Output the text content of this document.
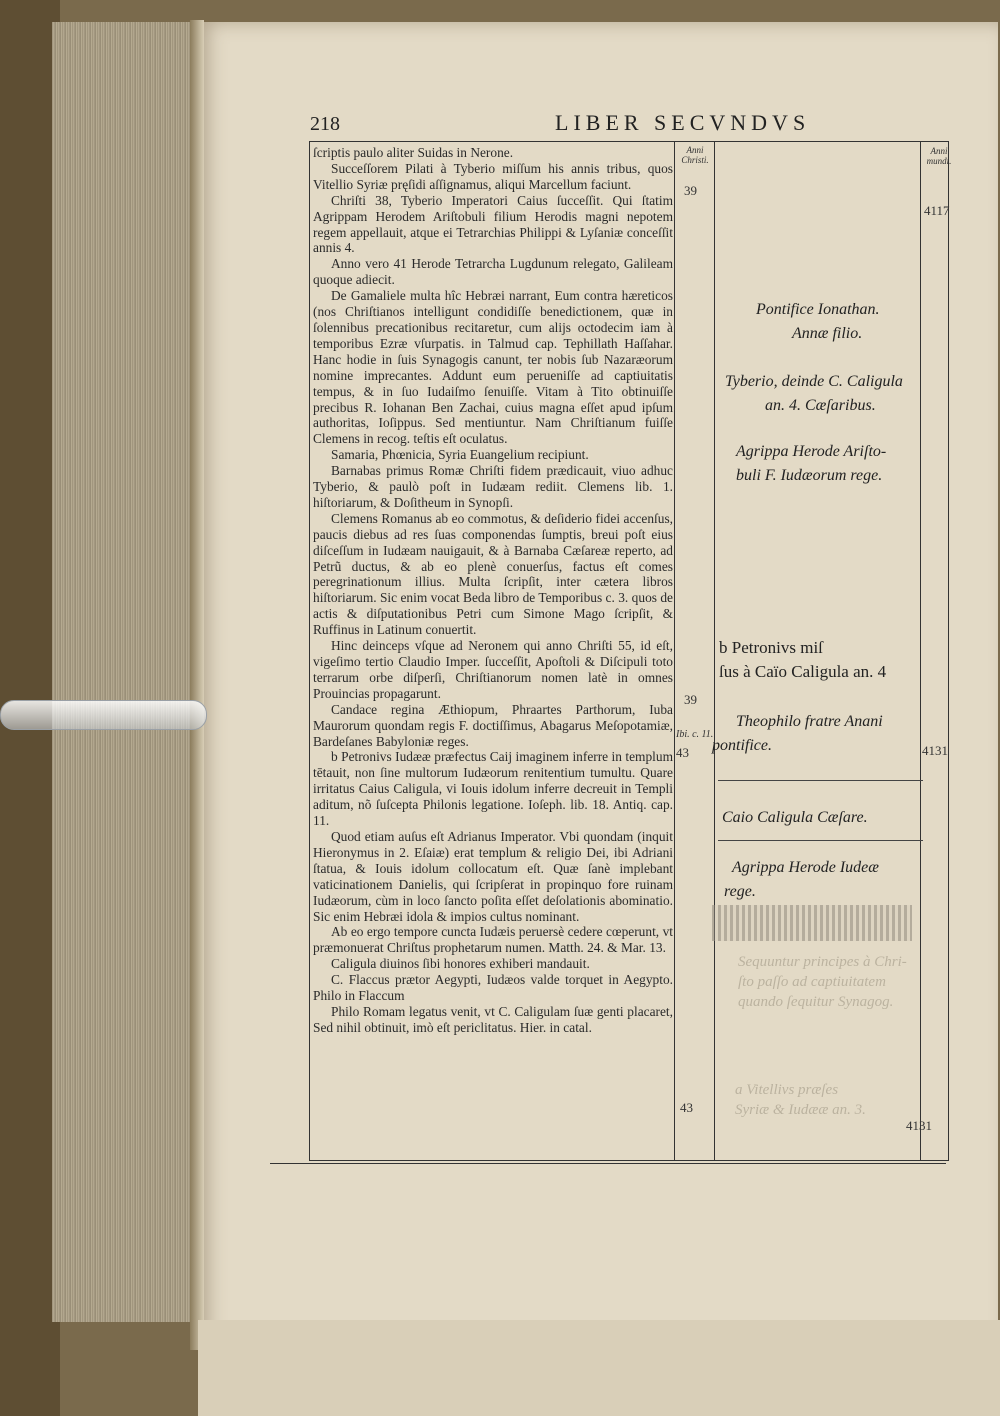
218	LIBER SECVNDVS
Sequuntur principes à Chri-
ſto paſſo ad captiuitatem
quando ſequitur Synagog.
a Vitellivs præſes
Syriæ & Iudææ an. 3.

ſcriptis paulo aliter Suidas in Nerone.

Succeſſorem Pilati à Tyberio miſſum his annis tribus, quos Vitellio Syriæ pręſidi aſſignamus, aliqui Marcellum faciunt.

Chriſti 38, Tyberio Imperatori Caius ſucceſſit. Qui ſtatim Agrippam Herodem Ariſtobuli filium Herodis magni nepotem regem appellauit, atque ei Tetrarchias Philippi & Lyſaniæ conceſſit annis 4.

Anno vero 41 Herode Tetrarcha Lugdunum relegato, Galileam quoque adiecit.

De Gamaliele multa hîc Hebræi narrant, Eum contra hæreticos (nos Chriſtianos intelligunt condidiſſe benedictionem, quæ in ſolennibus precationibus recitaretur, cum alijs octodecim iam à temporibus Ezræ vſurpatis. in Talmud cap. Tephillath Haſſahar. Hanc hodie in ſuis Synagogis canunt, ter nobis ſub Nazaræorum nomine imprecantes. Addunt eum perueniſſe ad captiuitatis tempus, & in ſuo Iudaiſmo ſenuiſſe. Vitam à Tito obtinuiſſe precibus R. Iohanan Ben Zachai, cuius magna eſſet apud ipſum authoritas, Ioſippus. Sed mentiuntur. Nam Chriſtianum fuiſſe Clemens in recog. teſtis eſt oculatus.

Samaria, Phœnicia, Syria Euangelium recipiunt.

Barnabas primus Romæ Chriſti fidem prædicauit, viuo adhuc Tyberio, & paulò poſt in Iudæam rediit. Clemens lib. 1. hiſtoriarum, & Doſitheum in Synopſi.

Clemens Romanus ab eo commotus, & deſiderio fidei accenſus, paucis diebus ad res ſuas componendas ſumptis, breui poſt eius diſceſſum in Iudæam nauigauit, & à Barnaba Cæſareæ reperto, ad Petrũ ductus, & ab eo plenè conuerſus, factus eſt comes peregrinationum illius. Multa ſcripſit, inter cætera libros hiſtoriarum. Sic enim vocat Beda libro de Temporibus c. 3. quos de actis & diſputationibus Petri cum Simone Mago ſcripſit, & Ruffinus in Latinum conuertit.

Hinc deinceps vſque ad Neronem qui anno Chriſti 55, id eſt, vigeſimo tertio Claudio Imper. ſucceſſit, Apoſtoli & Diſcipuli toto terrarum orbe diſperſi, Chriſtianorum nomen latè in omnes Prouincias propagarunt.

Candace regina Æthiopum, Phraartes Parthorum, Iuba Maurorum quondam regis F. doctiſſimus, Abagarus Meſopotamiæ, Bardeſanes Babyloniæ reges.

b Petronivs Iudææ præfectus Caij imaginem inferre in templum tētauit, non ſine multorum Iudæorum renitentium tumultu. Quare irritatus Caius Caligula, vi Iouis idolum inferre decreuit in Templi aditum, nõ ſuſcepta Philonis legatione. Ioſeph. lib. 18. Antiq. cap. 11.

Quod etiam auſus eſt Adrianus Imperator. Vbi quondam (inquit Hieronymus in 2. Eſaiæ) erat templum & religio Dei, ibi Adriani ſtatua, & Iouis idolum collocatum eſt. Quæ ſanè implebant vaticinationem Danielis, qui ſcripſerat in propinquo fore ruinam Iudæorum, cùm in loco ſancto poſita eſſet deſolationis abominatio. Sic enim Hebræi idola & impios cultus nominant.

Ab eo ergo tempore cuncta Iudæis peruersè cedere cœperunt, vt præmonuerat Chriſtus prophetarum numen. Matth. 24. & Mar. 13.

Caligula diuinos ſibi honores exhiberi mandauit.

C. Flaccus prætor Aegypti, Iudæos valde torquet in Aegypto. Philo in Flaccum

Philo Romam legatus venit, vt C. Caligulam ſuæ genti placaret, Sed nihil obtinuit, imò eſt periclitatus. Hier. in catal.

Anni Christi.
Anni mundi.
39
4117
39
Ibi. c. 11.
43	4131
43
4131
Pontifice Ionathan.
Annæ filio.
Tyberio, deinde C. Caligula
an. 4. Cæſaribus.
Agrippa Herode Ariſto-
buli F. Iudæorum rege.
b Petronivs miſ
ſus à Caïo Caligula an. 4
Theophilo fratre Anani
pontifice.
Caio Caligula Cæſare.
Agrippa Herode Iudeæ
rege.
